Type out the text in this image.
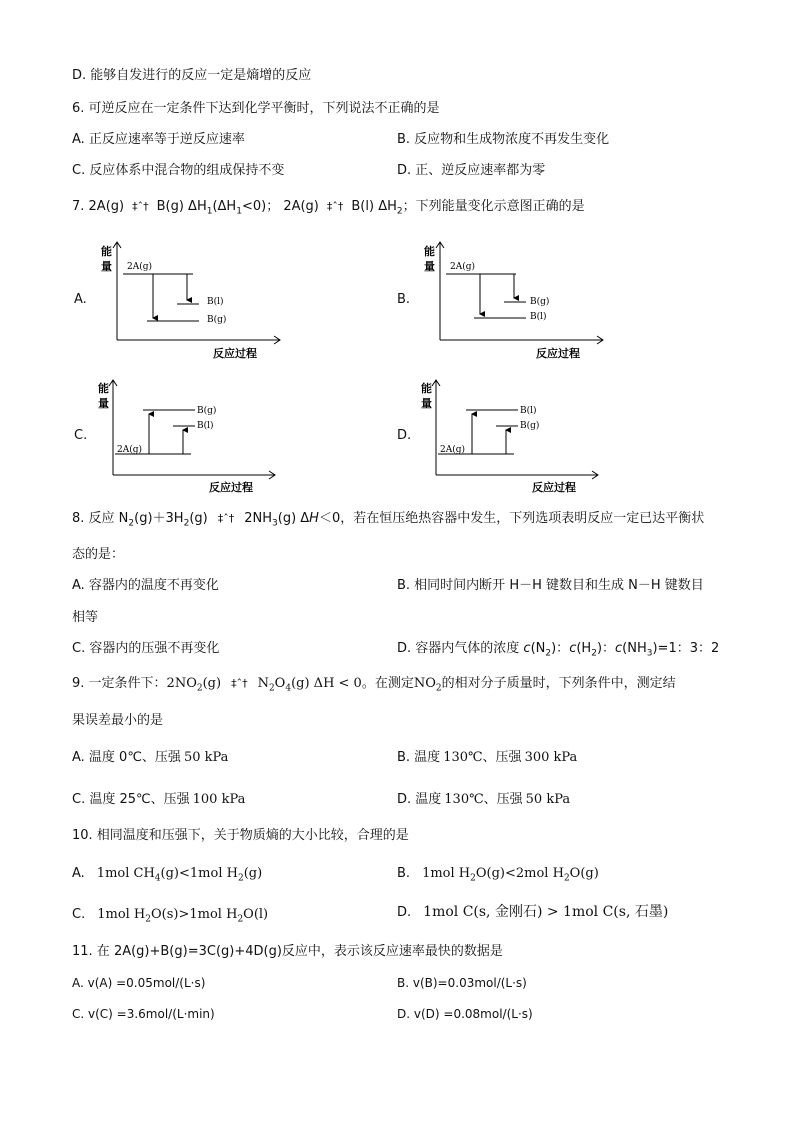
D. 能够自发进行的反应一定是熵增的反应
6. 可逆反应在一定条件下达到化学平衡时，下列说法不正确的是
A. 正反应速率等于逆反应速率	B. 反应物和生成物浓度不再发生变化
C. 反应体系中混合物的组成保持不变	D. 正、逆反应速率都为零
7. 2A(g) ‡ˆ† B(g) $\Delta H_1(\Delta H_1<0)$； 2A(g) ‡ˆ† B(l) $\Delta H_2$；下列能量变化示意图正确的是
A.	B.
C.	D.
能
量 2A(g)
B(l)
B(g)
反应过程
能
量 2A(g)
B(g)
B(l)
反应过程
能
量
B(g)
B(l)
2A(g)
反应过程
能
量
B(l)
B(g)
2A(g)
反应过程
8. 反应 $N_2(g)+3H_2(g)$ ‡ˆ† $2NH_3(g)$ ΔH＜0，若在恒压绝热容器中发生，下列选项表明反应一定已达平衡状
态的是：
A. 容器内的温度不再变化	B. 相同时间内断开 H－H 键数目和生成 N－H 键数目
相等
C. 容器内的压强不再变化	D. 容器内气体的浓度 $c(N_2)$：$c(H_2)$：$c(NH_3)=1$：3：2
9. 一定条件下：$2NO_2(g)$ ‡ˆ† $N_2O_4(g) \Delta H < 0$。在测定$NO_2$的相对分子质量时，下列条件中，测定结
果误差最小的是
A. 温度 0℃、压强 50 kPa	B. 温度 130℃、压强 300 kPa
C. 温度 25℃、压强 100 kPa	D. 温度 130℃、压强 50 kPa
10. 相同温度和压强下，关于物质熵的大小比较，合理的是
A. 1mol $CH_4(g)<1mol$ $H_2(g)$	B. 1mol $H_2O(g)<2mol$ $H_2O(g)$
C. 1mol $H_2O(s)>1mol$ $H_2O(l)$	D. 1mol C(s, 金刚石) > 1mol C(s, 石墨)
11. 在 2A(g)+B(g)=3C(g)+4D(g)反应中，表示该反应速率最快的数据是
A. v(A) =0.05mol/(L·s)	B. v(B)=0.03mol/(L·s)
C. v(C) =3.6mol/(L·min)	D. v(D) =0.08mol/(L·s)
